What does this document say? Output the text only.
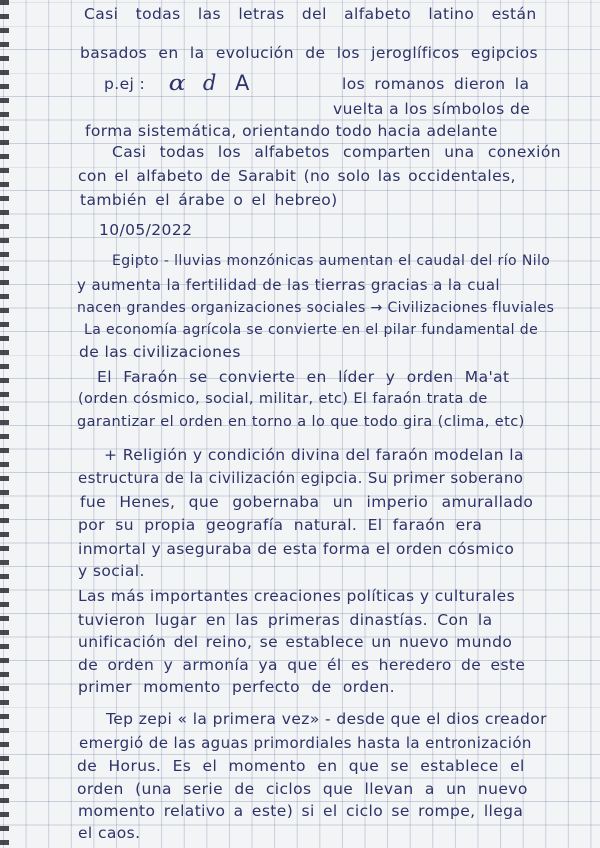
Casi todas las letras del alfabeto latino están
basados en la evolución de los jeroglíficos egipcios
p.ej : ɑ d A	los romanos dieron la
vuelta a los símbolos de
forma sistemática, orientando todo hacia adelante
Casi todas los alfabetos comparten una conexión
con el alfabeto de Sarabit (no solo las occidentales,
también el árabe o el hebreo)
10/05/2022
Egipto - lluvias monzónicas aumentan el caudal del río Nilo
y aumenta la fertilidad de las tierras gracias a la cual
nacen grandes organizaciones sociales → Civilizaciones fluviales
La economía agrícola se convierte en el pilar fundamental de
de las civilizaciones
El Faraón se convierte en líder y orden Ma'at
(orden cósmico, social, militar, etc) El faraón trata de
garantizar el orden en torno a lo que todo gira (clima, etc)
+ Religión y condición divina del faraón modelan la
estructura de la civilización egipcia. Su primer soberano
fue Henes, que gobernaba un imperio amurallado
por su propia geografía natural. El faraón era
inmortal y aseguraba de esta forma el orden cósmico
y social.
Las más importantes creaciones políticas y culturales
tuvieron lugar en las primeras dinastías. Con la
unificación del reino, se establece un nuevo mundo
de orden y armonía ya que él es heredero de este
primer momento perfecto de orden.
Tep zepi « la primera vez» - desde que el dios creador
emergió de las aguas primordiales hasta la entronización
de Horus. Es el momento en que se establece el
orden (una serie de ciclos que llevan a un nuevo
momento relativo a este) si el ciclo se rompe, llega
el caos.
